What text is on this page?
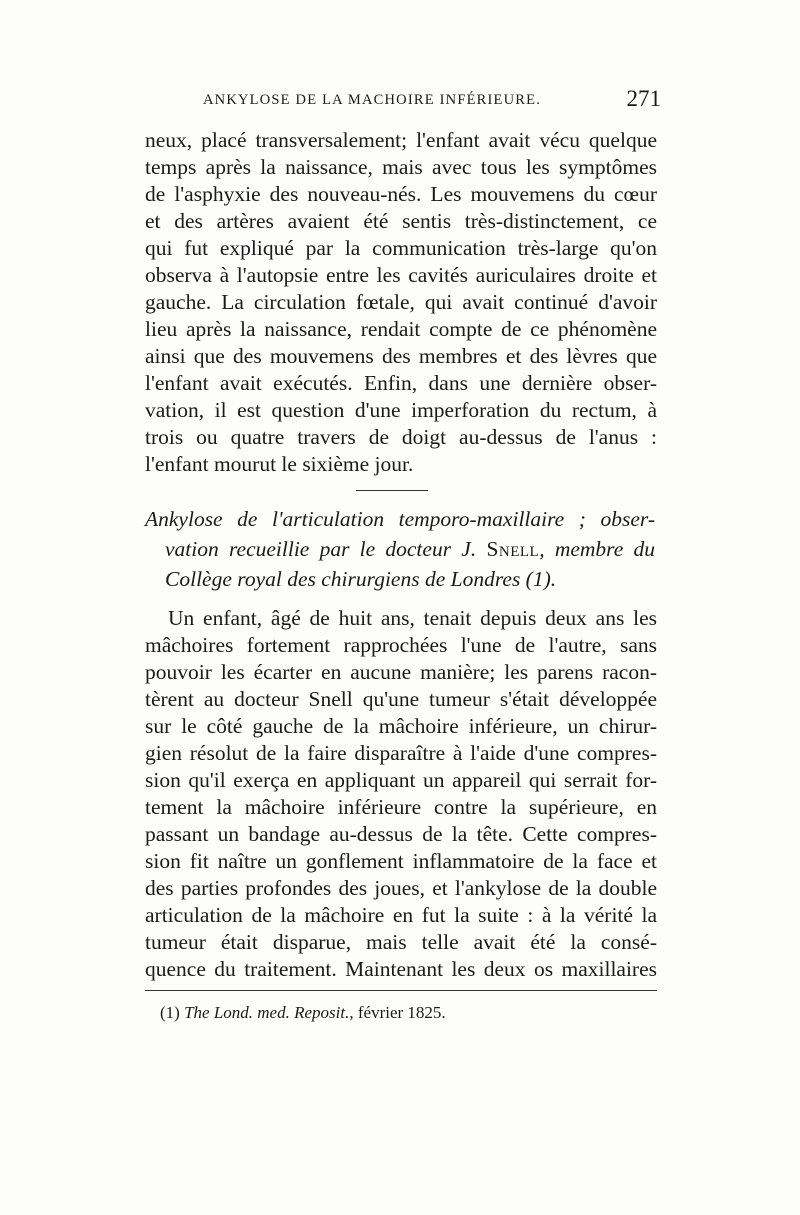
ANKYLOSE DE LA MACHOIRE INFÉRIEURE.	271
neux, placé transversalement; l'enfant avait vécu quelque
temps après la naissance, mais avec tous les symptômes
de l'asphyxie des nouveau-nés. Les mouvemens du cœur
et des artères avaient été sentis très-distinctement, ce
qui fut expliqué par la communication très-large qu'on
observa à l'autopsie entre les cavités auriculaires droite et
gauche. La circulation fœtale, qui avait continué d'avoir
lieu après la naissance, rendait compte de ce phénomène
ainsi que des mouvemens des membres et des lèvres que
l'enfant avait exécutés. Enfin, dans une dernière obser-
vation, il est question d'une imperforation du rectum, à
trois ou quatre travers de doigt au-dessus de l'anus :
l'enfant mourut le sixième jour.
Ankylose de l'articulation temporo-maxillaire ; obser-
vation recueillie par le docteur J. Snell, membre du
Collège royal des chirurgiens de Londres (1).
Un enfant, âgé de huit ans, tenait depuis deux ans les
mâchoires fortement rapprochées l'une de l'autre, sans
pouvoir les écarter en aucune manière; les parens racon-
tèrent au docteur Snell qu'une tumeur s'était développée
sur le côté gauche de la mâchoire inférieure, un chirur-
gien résolut de la faire disparaître à l'aide d'une compres-
sion qu'il exerça en appliquant un appareil qui serrait for-
tement la mâchoire inférieure contre la supérieure, en
passant un bandage au-dessus de la tête. Cette compres-
sion fit naître un gonflement inflammatoire de la face et
des parties profondes des joues, et l'ankylose de la double
articulation de la mâchoire en fut la suite : à la vérité la
tumeur était disparue, mais telle avait été la consé-
quence du traitement. Maintenant les deux os maxillaires
(1) The Lond. med. Reposit., février 1825.
